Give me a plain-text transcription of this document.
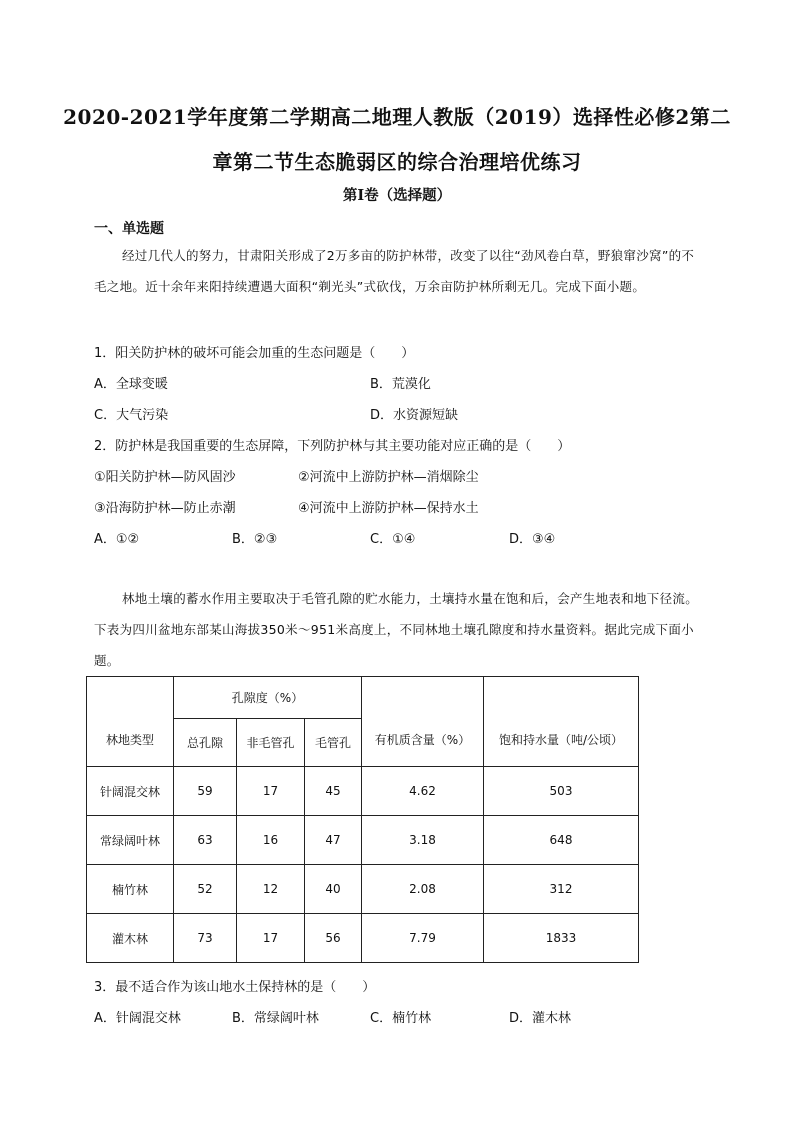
2020-2021学年度第二学期高二地理人教版（2019）选择性必修2第二
章第二节生态脆弱区的综合治理培优练习
第I卷（选择题）
一、单选题
经过几代人的努力，甘肃阳关形成了2万多亩的防护林带，改变了以往“劲风卷白草，野狼窜沙窝”的不毛之地。近十余年来阳持续遭遇大面积“剃光头”式砍伐，万余亩防护林所剩无几。完成下面小题。
1．阳关防护林的破坏可能会加重的生态问题是（　　）
A．全球变暖	B．荒漠化
C．大气污染	D．水资源短缺
2．防护林是我国重要的生态屏障，下列防护林与其主要功能对应正确的是（　　）
①阳关防护林—防风固沙	②河流中上游防护林—消烟除尘
③沿海防护林—防止赤潮	④河流中上游防护林—保持水土
A．①②	B．②③	C．①④	D．③④
林地土壤的蓄水作用主要取决于毛管孔隙的贮水能力，土壤持水量在饱和后，会产生地表和地下径流。下表为四川盆地东部某山海拔350米～951米高度上，不同林地土壤孔隙度和持水量资料。据此完成下面小题。
林地类型	孔隙度（%）			有机质含量（%）	饱和持水量（吨/公顷）
	总孔隙	非毛管孔	毛管孔		
针阔混交林	59	17	45	4.62	503
常绿阔叶林	63	16	47	3.18	648
楠竹林	52	12	40	2.08	312
灌木林	73	17	56	7.79	1833
3．最不适合作为该山地水土保持林的是（　　）
A．针阔混交林	B．常绿阔叶林	C．楠竹林	D．灌木林
